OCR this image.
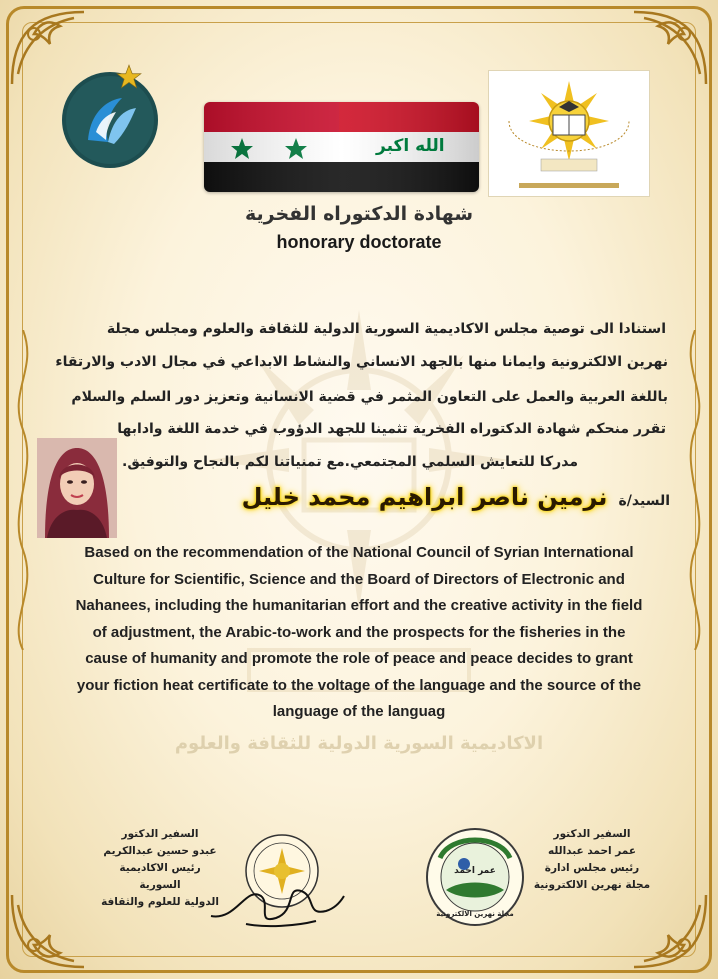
الله اكبر
شهادة الدكتوراه الفخرية
honorary doctorate
استنادا الى توصية مجلس الاكاديمية السورية الدولية للثقافة والعلوم ومجلس مجلة
نهرين الالكترونية وايمانا منها بالجهد الانساني والنشاط الابداعي في مجال الادب والارتقاء
باللغة العربية والعمل على التعاون المثمر في قضية الانسانية وتعزيز دور السلم والسلام
تقرر منحكم شهادة الدكتوراه الفخرية تثمينا للجهد الدؤوب في خدمة اللغة وادابها
مدركا للتعايش السلمي المجتمعي.مع تمنياتنا لكم بالنجاح والتوفيق.
السيد/ة نرمين ناصر ابراهيم محمد خليل
Based on the recommendation of the National Council of Syrian International Culture for Scientific, Science and the Board of Directors of Electronic and Nahanees, including the humanitarian effort and the creative activity in the field of adjustment, the Arabic-to-work and the prospects for the fisheries in the cause of humanity and promote the role of peace and peace decides to grant your fiction heat certificate to the voltage of the language and the source of the language of the languag
الاكاديمية السورية الدولية للثقافة والعلوم
السفير الدكتور
عبدو حسين عبدالكريم
رئيس الاكاديمية السورية
الدولية للعلوم والثقافة
عمر احمد
مجلة نهرين الالكترونية
السفير الدكتور
عمر احمد عبدالله
رئيس مجلس ادارة
مجلة نهرين الالكترونية
